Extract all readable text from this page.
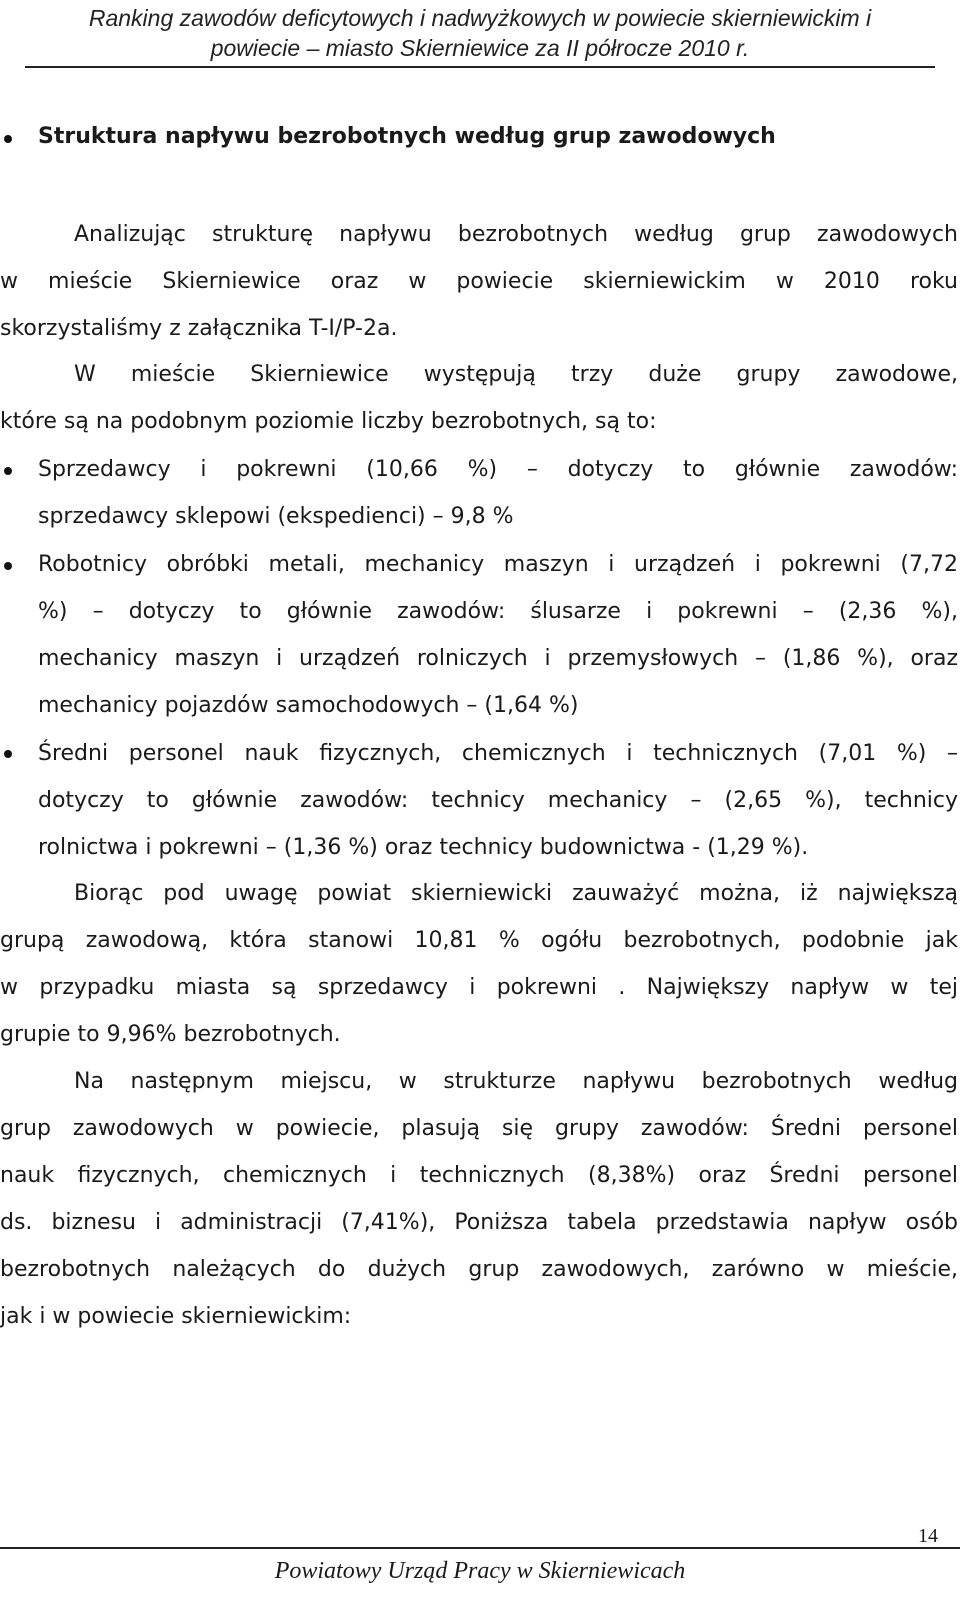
Ranking zawodów deficytowych i nadwyżkowych w powiecie skierniewickim i
powiecie – miasto Skierniewice za II półrocze 2010 r.
Struktura napływu bezrobotnych według grup zawodowych
Analizując strukturę napływu bezrobotnych według grup zawodowych
w mieście Skierniewice oraz w powiecie skierniewickim w 2010 roku
skorzystaliśmy z załącznika T-I/P-2a.
W mieście Skierniewice występują trzy duże grupy zawodowe,
które są na podobnym poziomie liczby bezrobotnych, są to:
Sprzedawcy i pokrewni (10,66 %) – dotyczy to głównie zawodów:
sprzedawcy sklepowi (ekspedienci) – 9,8 %
Robotnicy obróbki metali, mechanicy maszyn i urządzeń i pokrewni (7,72
%) – dotyczy to głównie zawodów: ślusarze i pokrewni – (2,36 %),
mechanicy maszyn i urządzeń rolniczych i przemysłowych – (1,86 %), oraz
mechanicy pojazdów samochodowych – (1,64 %)
Średni personel nauk fizycznych, chemicznych i technicznych (7,01 %) –
dotyczy to głównie zawodów: technicy mechanicy – (2,65 %), technicy
rolnictwa i pokrewni – (1,36 %) oraz technicy budownictwa - (1,29 %).
Biorąc pod uwagę powiat skierniewicki zauważyć można, iż największą
grupą zawodową, która stanowi 10,81 % ogółu bezrobotnych, podobnie jak
w przypadku miasta są sprzedawcy i pokrewni . Największy napływ w tej
grupie to 9,96% bezrobotnych.
Na następnym miejscu, w strukturze napływu bezrobotnych według
grup zawodowych w powiecie, plasują się grupy zawodów: Średni personel
nauk fizycznych, chemicznych i technicznych (8,38%) oraz Średni personel
ds. biznesu i administracji (7,41%), Poniższa tabela przedstawia napływ osób
bezrobotnych należących do dużych grup zawodowych, zarówno w mieście,
jak i w powiecie skierniewickim:
14
Powiatowy Urząd Pracy w Skierniewicach
